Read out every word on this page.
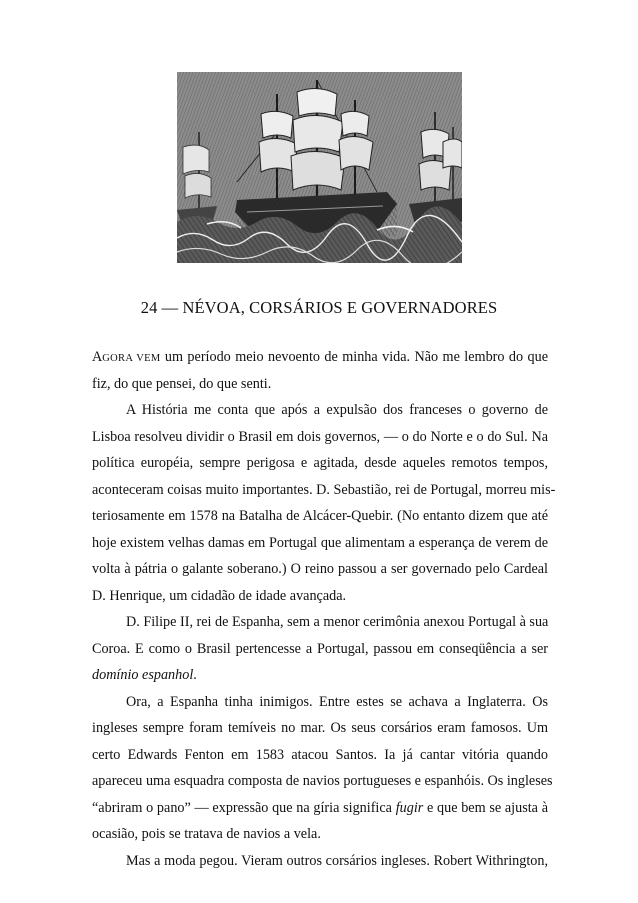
24 — NÉVOA, CORSÁRIOS E GOVERNADORES
AGORA VEM um período meio nevoento de minha vida. Não me lembro do que
fiz, do que pensei, do que senti.
A História me conta que após a expulsão dos franceses o governo de
Lisboa resolveu dividir o Brasil em dois governos, — o do Norte e o do Sul. Na
política européia, sempre perigosa e agitada, desde aqueles remotos tempos,
aconteceram coisas muito importantes. D. Sebastião, rei de Portugal, morreu mis-
teriosamente em 1578 na Batalha de Alcácer-Quebir. (No entanto dizem que até
hoje existem velhas damas em Portugal que alimentam a esperança de verem de
volta à pátria o galante soberano.) O reino passou a ser governado pelo Cardeal
D. Henrique, um cidadão de idade avançada.
D. Filipe II, rei de Espanha, sem a menor cerimônia anexou Portugal à sua
Coroa. E como o Brasil pertencesse a Portugal, passou em conseqüência a ser
domínio espanhol.
Ora, a Espanha tinha inimigos. Entre estes se achava a Inglaterra. Os
ingleses sempre foram temíveis no mar. Os seus corsários eram famosos. Um
certo Edwards Fenton em 1583 atacou Santos. Ia já cantar vitória quando
apareceu uma esquadra composta de navios portugueses e espanhóis. Os ingleses
“abriram o pano” — expressão que na gíria significa fugir e que bem se ajusta à
ocasião, pois se tratava de navios a vela.
Mas a moda pegou. Vieram outros corsários ingleses. Robert Withrington,
